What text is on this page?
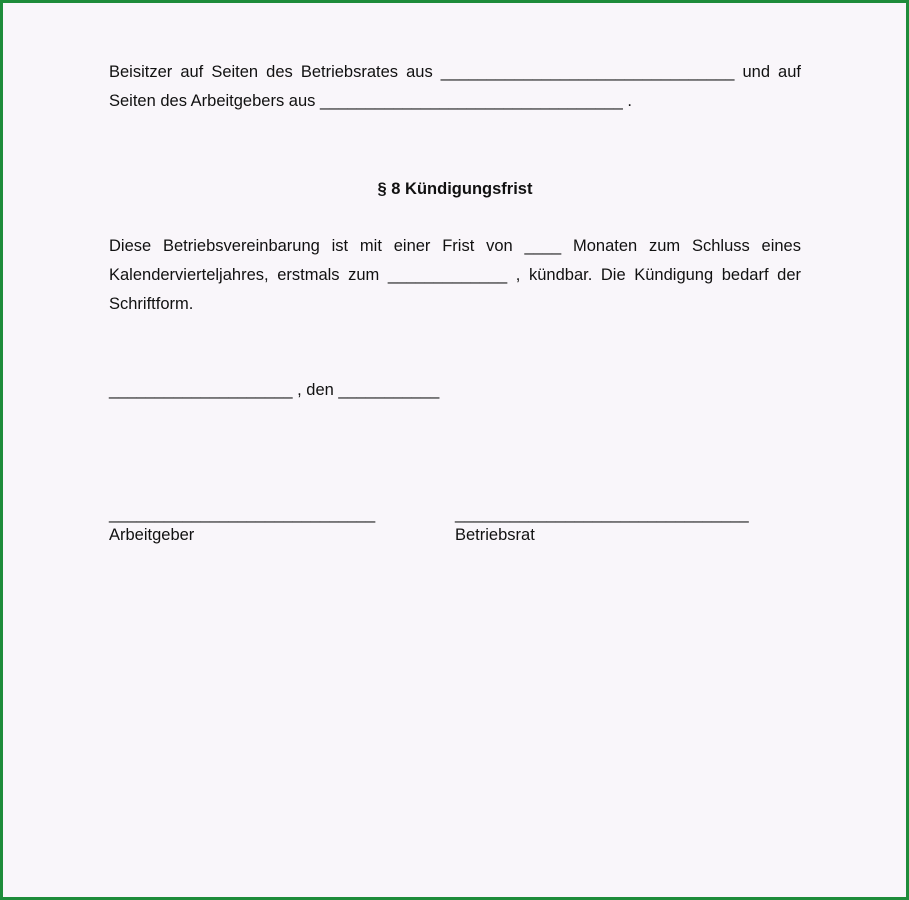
Beisitzer auf Seiten des Betriebsrates aus ________________________________ und auf Seiten des Arbeitgebers aus _________________________________ .
§ 8 Kündigungsfrist
Diese Betriebsvereinbarung ist mit einer Frist von ____ Monaten zum Schluss eines Kalendervierteljahres, erstmals zum _____________ , kündbar. Die Kündigung bedarf der Schriftform.
____________________ , den ___________
_____________________________	________________________________
Arbeitgeber	Betriebsrat
